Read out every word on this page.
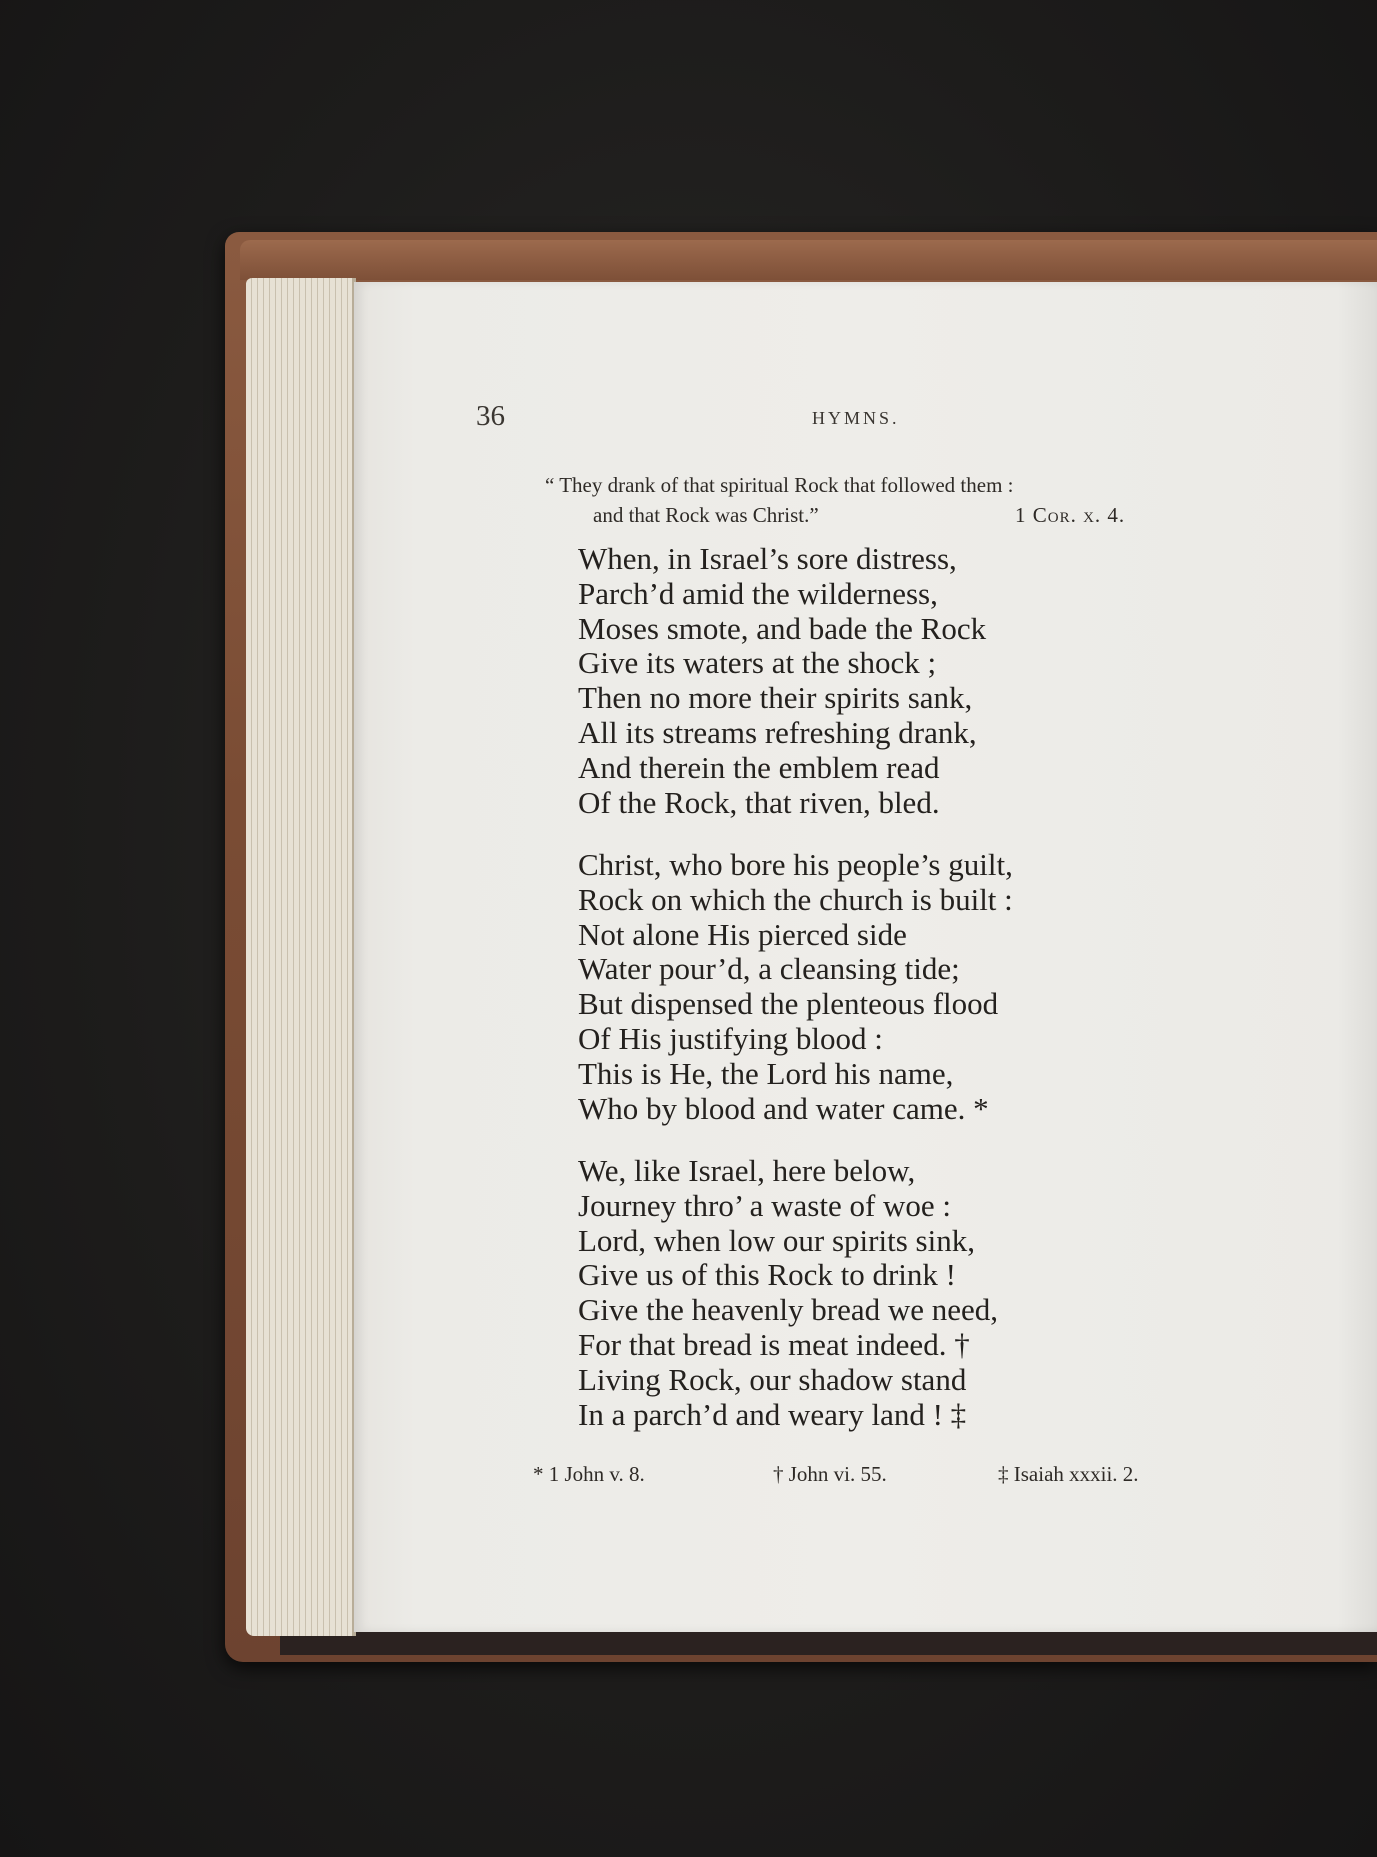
36	HYMNS.
“ They drank of that spiritual Rock that followed them :
and that Rock was Christ.”	1 Cor. x. 4.
When, in Israel’s sore distress,
Parch’d amid the wilderness,
Moses smote, and bade the Rock
Give its waters at the shock ;
Then no more their spirits sank,
All its streams refreshing drank,
And therein the emblem read
Of the Rock, that riven, bled.
Christ, who bore his people’s guilt,
Rock on which the church is built :
Not alone His pierced side
Water pour’d, a cleansing tide;
But dispensed the plenteous flood
Of His justifying blood :
This is He, the Lord his name,
Who by blood and water came. *
We, like Israel, here below,
Journey thro’ a waste of woe :
Lord, when low our spirits sink,
Give us of this Rock to drink !
Give the heavenly bread we need,
For that bread is meat indeed. †
Living Rock, our shadow stand
In a parch’d and weary land ! ‡
* 1 John v. 8.	† John vi. 55.	‡ Isaiah xxxii. 2.
